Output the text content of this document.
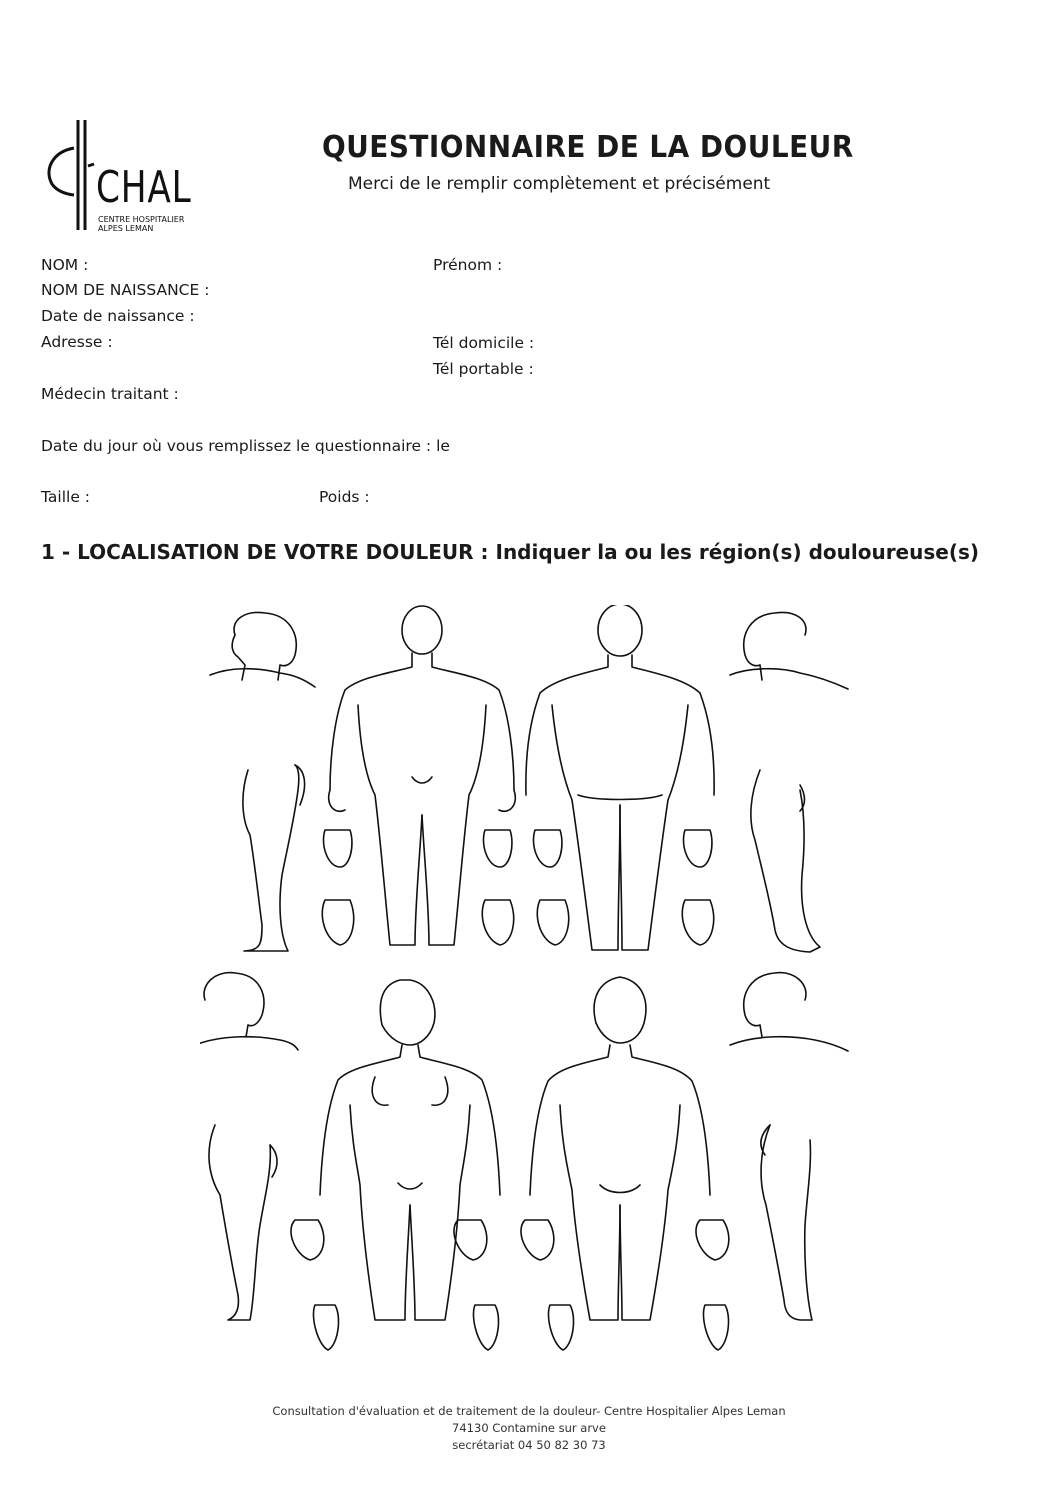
CHAL
CENTRE HOSPITALIER
ALPES LEMAN
QUESTIONNAIRE DE LA DOULEUR
Merci de le remplir complètement et précisément
NOM :	Prénom :
NOM DE NAISSANCE :
Date de naissance :
Adresse :	Tél domicile :
Tél portable :
Médecin traitant :
Date du jour où vous remplissez le questionnaire : le
Taille :	Poids :
1 - LOCALISATION DE VOTRE DOULEUR : Indiquer la ou les région(s) douloureuse(s)
Consultation d'évaluation et de traitement de la douleur- Centre Hospitalier Alpes Leman
74130 Contamine sur arve
secrétariat 04 50 82 30 73
